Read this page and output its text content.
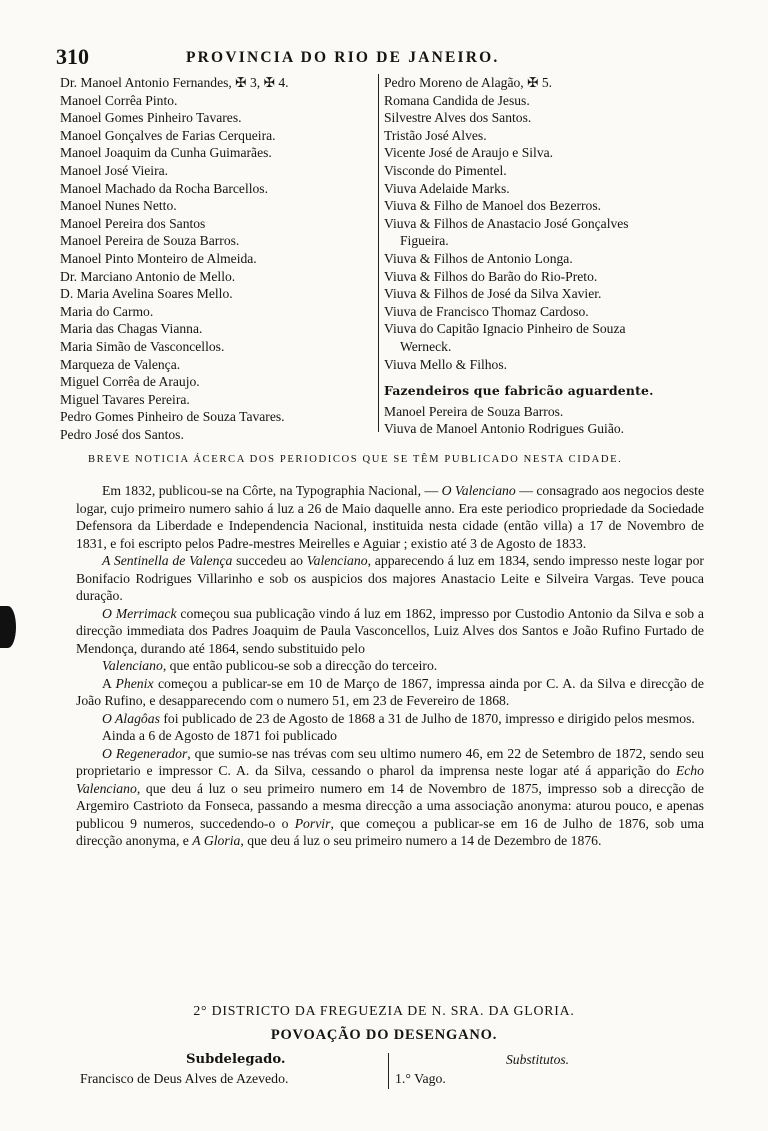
310	PROVINCIA DO RIO DE JANEIRO.
Dr. Manoel Antonio Fernandes, ✠ 3, ✠ 4.
Manoel Corrêa Pinto.
Manoel Gomes Pinheiro Tavares.
Manoel Gonçalves de Farias Cerqueira.
Manoel Joaquim da Cunha Guimarães.
Manoel José Vieira.
Manoel Machado da Rocha Barcellos.
Manoel Nunes Netto.
Manoel Pereira dos Santos
Manoel Pereira de Souza Barros.
Manoel Pinto Monteiro de Almeida.
Dr. Marciano Antonio de Mello.
D. Maria Avelina Soares Mello.
Maria do Carmo.
Maria das Chagas Vianna.
Maria Simão de Vasconcellos.
Marqueza de Valença.
Miguel Corrêa de Araujo.
Miguel Tavares Pereira.
Pedro Gomes Pinheiro de Souza Tavares.
Pedro José dos Santos.
Pedro Moreno de Alagão, ✠ 5.
Romana Candida de Jesus.
Silvestre Alves dos Santos.
Tristão José Alves.
Vicente José de Araujo e Silva.
Visconde do Pimentel.
Viuva Adelaide Marks.
Viuva & Filho de Manoel dos Bezerros.
Viuva & Filhos de Anastacio José Gonçalves
Figueira.
Viuva & Filhos de Antonio Longa.
Viuva & Filhos do Barão do Rio-Preto.
Viuva & Filhos de José da Silva Xavier.
Viuva de Francisco Thomaz Cardoso.
Viuva do Capitão Ignacio Pinheiro de Souza
Werneck.
Viuva Mello & Filhos.
Fazendeiros que fabricão aguardente.
Manoel Pereira de Souza Barros.
Viuva de Manoel Antonio Rodrigues Guião.
BREVE NOTICIA ÁCERCA DOS PERIODICOS QUE SE TÊM PUBLICADO NESTA CIDADE.

Em 1832, publicou-se na Côrte, na Typographia Nacional, — O Valenciano — consagrado aos negocios deste logar, cujo primeiro numero sahio á luz a 26 de Maio daquelle anno. Era este periodico propriedade da Sociedade Defensora da Liberdade e Independencia Nacional, instituida nesta cidade (então villa) a 17 de Novembro de 1831, e foi escripto pelos Padre-mestres Meirelles e Aguiar ; existio até 3 de Agosto de 1833.

A Sentinella de Valença succedeu ao Valenciano, apparecendo á luz em 1834, sendo impresso neste logar por Bonifacio Rodrigues Villarinho e sob os auspicios dos majores Anastacio Leite e Silveira Vargas. Teve pouca duração.

O Merrimack começou sua publicação vindo á luz em 1862, impresso por Custodio Antonio da Silva e sob a direcção immediata dos Padres Joaquim de Paula Vasconcellos, Luiz Alves dos Santos e João Rufino Furtado de Mendonça, durando até 1864, sendo substituido pelo

Valenciano, que então publicou-se sob a direcção do terceiro.

A Phenix começou a publicar-se em 10 de Março de 1867, impressa ainda por C. A. da Silva e direcção de João Rufino, e desapparecendo com o numero 51, em 23 de Fevereiro de 1868.

O Alagôas foi publicado de 23 de Agosto de 1868 a 31 de Julho de 1870, impresso e dirigido pelos mesmos.

Ainda a 6 de Agosto de 1871 foi publicado

O Regenerador, que sumio-se nas trévas com seu ultimo numero 46, em 22 de Setembro de 1872, sendo seu proprietario e impressor C. A. da Silva, cessando o pharol da imprensa neste logar até á apparição do Echo Valenciano, que deu á luz o seu primeiro numero em 14 de Novembro de 1875, impresso sob a direcção de Argemiro Castrioto da Fonseca, passando a mesma direcção a uma associação anonyma: aturou pouco, e apenas publicou 9 numeros, succedendo-o o Porvir, que começou a publicar-se em 16 de Julho de 1876, sob uma direcção anonyma, e A Gloria, que deu á luz o seu primeiro numero a 14 de Dezembro de 1876.

2° DISTRICTO DA FREGUEZIA DE N. SRA. DA GLORIA.
POVOAÇÃO DO DESENGANO.
Subdelegado.	Substitutos.
Francisco de Deus Alves de Azevedo.	1.° Vago.
